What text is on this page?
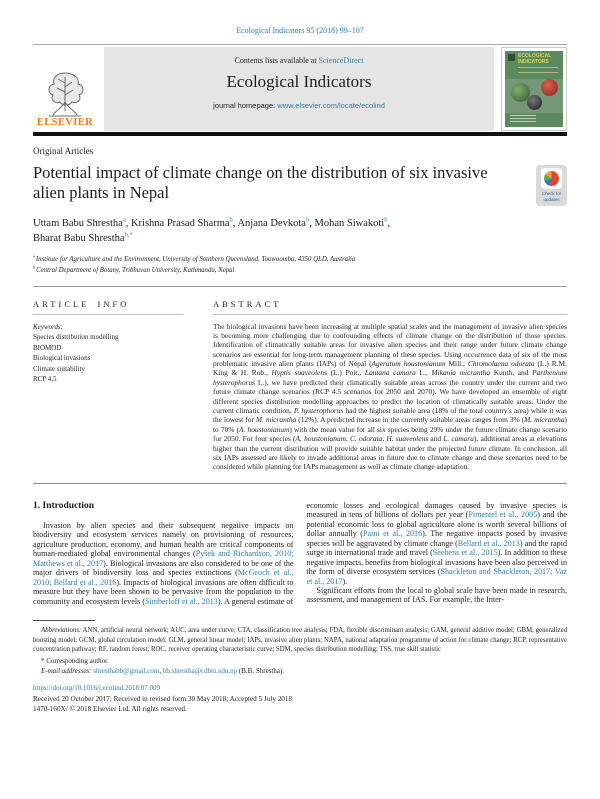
Ecological Indicators 95 (2018) 99–107
ELSEVIER
Contents lists available at ScienceDirect
Ecological Indicators
journal homepage: www.elsevier.com/locate/ecolind
ECOLOGICAL INDICATORS
Original Articles
Potential impact of climate change on the distribution of six invasive alien plants in Nepal	Check for updates
Uttam Babu Shrestha$^a$, Krishna Prasad Sharma$^b$, Anjana Devkota$^b$, Mohan Siwakoti$^b$,
Bharat Babu Shrestha$^{b,*}$
$^a$ Institute for Agriculture and the Environment, University of Southern Queensland, Toowoomba, 4350 QLD, Australia
$^b$ Central Department of Botany, Tribhuvan University, Kathmandu, Nepal
ARTICLE INFO
Keywords:
Species distribution modelling
BIOMOD
Biological invasions
Climate suitability
RCP 4.5
ABSTRACT
The biological invasions have been increasing at multiple spatial scales and the management of invasive alien species is becoming more challenging due to confounding effects of climate change on the distribution of those species. Identification of climatically suitable areas for invasive alien species and their range under future climate change scenarios are essential for long-term management planning of these species. Using occurrence data of six of the most problematic invasive alien plants (IAPs) of Nepal (Ageratum houstonianum Mill., Chromolaena odorata (L.) R.M. King & H. Rob., Hyptis suaveolens (L.) Poit., Lantana camara L., Mikania micrantha Kunth, and Parthenium hysterophorus L.), we have predicted their climatically suitable areas across the country under the current and two future climate change scenarios (RCP 4.5 scenarios for 2050 and 2070). We have developed an ensemble of eight different species distribution modelling approaches to predict the location of climatically suitable areas. Under the current climatic condition, P. hysterophorus had the highest suitable area (18% of the total country's area) while it was the lowest for M. micrantha (12%). A predicted increase in the currently suitable areas ranges from 3% (M. micrantha) to 70% (A. houstonianum) with the mean value for all six species being 29% under the future climate change scenario for 2050. For four species (A. houstonianum, C. odorata, H. suaveolens and L. camara), additional areas at elevations higher than the current distribution will provide suitable habitat under the projected future climate. In conclusion, all six IAPs assessed are likely to invade additional areas in future due to climate change and these scenarios need to be considered while planning for IAPs management as well as climate change adaptation.
1. Introduction

Invasion by alien species and their subsequent negative impacts on biodiversity and ecosystem services namely on provisioning of resources, agriculture production, economy, and human health are critical components of human-mediated global environmental changes (Pyšek and Richardson, 2010; Matthews et al., 2017). Biological invasions are also considered to be one of the major drivers of biodiversity loss and species extinctions (McGeoch et al., 2010; Bellard et al., 2016). Impacts of biological invasions are often difficult to measure but they have been shown to be pervasive from the population to the community and ecosystem levels (Simberloff et al., 2013). A general estimate of

economic losses and ecological damages caused by invasive species is measured in tens of billions of dollars per year (Pimentel et al., 2005) and the potential economic loss to global agriculture alone is worth several billions of dollar annually (Paini et al., 2016). The negative impacts posed by invasive species will be aggravated by climate change (Bellard et al., 2013) and the rapid surge in international trade and travel (Seebens et al., 2015). In addition to these negative impacts, benefits from biological invasions have been also perceived in the form of diverse ecosystem services (Shackleton and Shackleton, 2017; Vaz et al., 2017).

Significant efforts from the local to global scale have been made in research, assessment, and management of IAS. For example, the Inter-

Abbreviations: ANN, artificial neural network; AUC, area under curve; CTA, classification tree analysis; FDA, flexible discriminant analysis; GAM, general additive model; GBM, generalized boosting model; GCM, global circulation model; GLM, general linear model; IAPs, invasive alien plants; NAPA, national adaptation programme of action for climate change; RCP, representative concentration pathway; RF, random forest; ROC, receiver operating characteristic curve; SDM, species distribution modelling; TSS, true skill statistic
* Corresponding author.
E-mail addresses: shresthabb@gmail.com, bb.shrestha@cdbtu.edu.np (B.B. Shrestha).
https://doi.org/10.1016/j.ecolind.2018.07.009
Received 20 October 2017; Received in revised form 30 May 2018; Accepted 5 July 2018
1470-160X/ © 2018 Elsevier Ltd. All rights reserved.
